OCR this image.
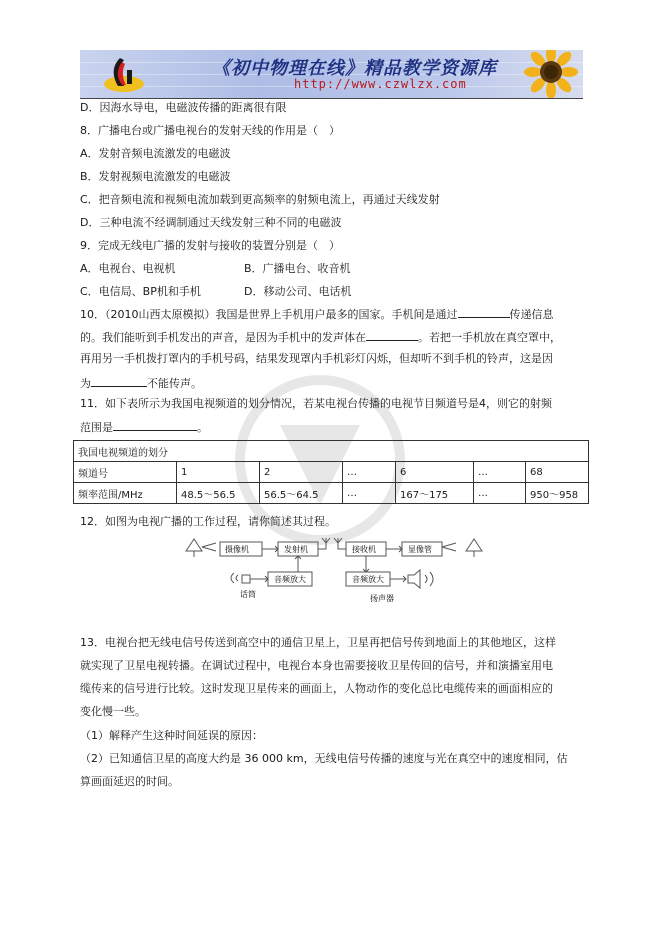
《初中物理在线》精品教学资源库
http://www.czwlzx.com
D．因海水导电，电磁波传播的距离很有限
8．广播电台或广播电视台的发射天线的作用是（　）
A．发射音频电流激发的电磁波
B．发射视频电流激发的电磁波
C．把音频电流和视频电流加载到更高频率的射频电流上，再通过天线发射
D．三种电流不经调制通过天线发射三种不同的电磁波
9．完成无线电广播的发射与接收的装置分别是（　）
A．电视台、电视机	B．广播电台、收音机
C．电信局、BP机和手机	D．移动公司、电话机
10．（2010山西太原模拟）我国是世界上手机用户最多的国家。手机间是通过	传递信息
的。我们能听到手机发出的声音，是因为手机中的发声体在	。若把一手机放在真空罩中，
再用另一手机拨打罩内的手机号码，结果发现罩内手机彩灯闪烁，但却听不到手机的铃声，这是因
为	不能传声。
11．如下表所示为我国电视频道的划分情况，若某电视台传播的电视节目频道号是4，则它的射频
范围是	。
我国电视频道的划分						
频道号	1	2	…	6	…	68
频率范围/MHz	48.5～56.5	56.5～64.5	…	167～175	…	950～958
12．如图为电视广播的工作过程，请你简述其过程。
摄像机	发射机	接收机	显像管
音频放大	音频放大
话筒	扬声器
13．电视台把无线电信号传送到高空中的通信卫星上，卫星再把信号传到地面上的其他地区，这样
就实现了卫星电视转播。在调试过程中，电视台本身也需要接收卫星传回的信号，并和演播室用电
缆传来的信号进行比较。这时发现卫星传来的画面上，人物动作的变化总比电缆传来的画面相应的
变化慢一些。
（1）解释产生这种时间延误的原因：
（2）已知通信卫星的高度大约是 36 000 km，无线电信号传播的速度与光在真空中的速度相同，估
算画面延迟的时间。
